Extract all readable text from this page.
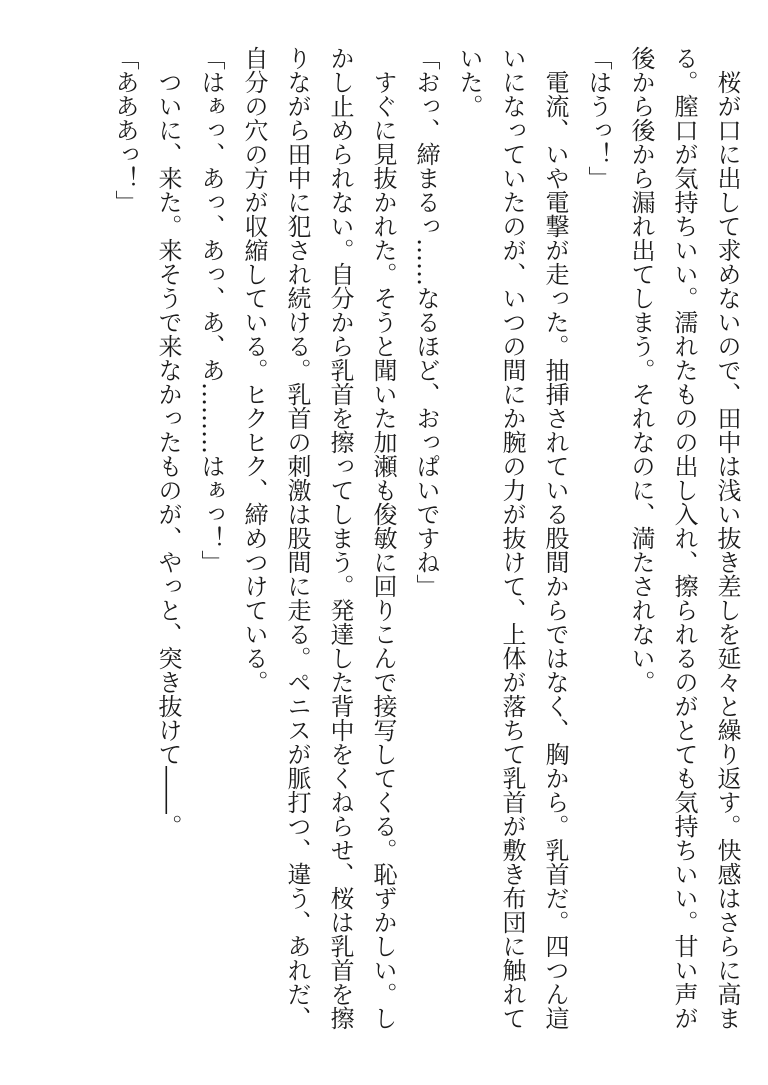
桜が口に出して求めないので、田中は浅い抜き差しを延々と繰り返す。快感はさらに高まる。膣口が気持ちいい。濡れたものの出し入れ、擦られるのがとても気持ちいい。甘い声が後から後から漏れ出てしまう。それなのに、満たされない。

「はうっ！」

電流、いや電撃が走った。抽挿されている股間からではなく、胸から。乳首だ。四つん這いになっていたのが、いつの間にか腕の力が抜けて、上体が落ちて乳首が敷き布団に触れていた。

「おっ、締まるっ……なるほど、おっぱいですね」

すぐに見抜かれた。そうと聞いた加瀬も俊敏に回りこんで接写してくる。恥ずかしい。しかし止められない。自分から乳首を擦ってしまう。発達した背中をくねらせ、桜は乳首を擦りながら田中に犯され続ける。乳首の刺激は股間に走る。ペニスが脈打つ、違う、あれだ、自分の穴の方が収縮している。ヒクヒク、締めつけている。

「はぁっ、あっ、あっ、あ、あ………はぁっ！」

ついに、来た。来そうで来なかったものが、やっと、突き抜けて――。

「あああっ！」
